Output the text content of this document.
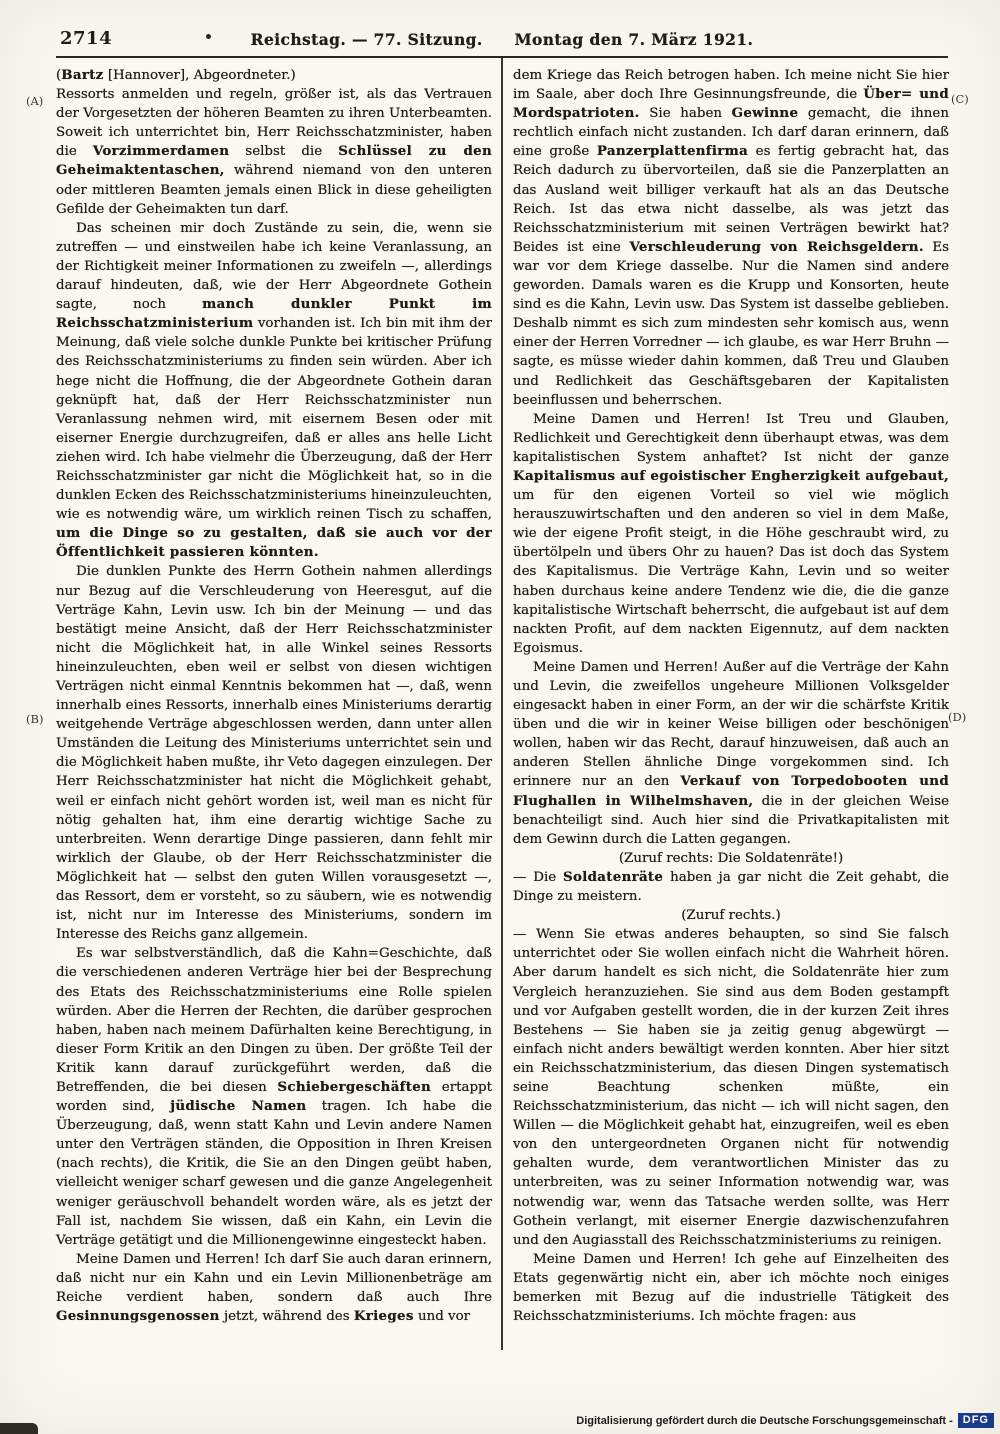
2714	Reichstag. — 77. Sitzung. Montag den 7. März 1921.
(A)
(B)
(C)
(D)

(Bartz [Hannover], Abgeordneter.)

Ressorts anmelden und regeln, größer ist, als das Vertrauen der Vorgesetzten der höheren Beamten zu ihren Unterbeamten. Soweit ich unterrichtet bin, Herr Reichsschatzminister, haben die Vorzimmerdamen selbst die Schlüssel zu den Geheimaktentaschen, während niemand von den unteren oder mittleren Beamten jemals einen Blick in diese geheiligten Gefilde der Geheimakten tun darf.

Das scheinen mir doch Zustände zu sein, die, wenn sie zutreffen — und einstweilen habe ich keine Veranlassung, an der Richtigkeit meiner Informationen zu zweifeln —, allerdings darauf hindeuten, daß, wie der Herr Abgeordnete Gothein sagte, noch manch dunkler Punkt im Reichsschatzministerium vorhanden ist. Ich bin mit ihm der Meinung, daß viele solche dunkle Punkte bei kritischer Prüfung des Reichsschatzministeriums zu finden sein würden. Aber ich hege nicht die Hoffnung, die der Abgeordnete Gothein daran geknüpft hat, daß der Herr Reichsschatzminister nun Veranlassung nehmen wird, mit eisernem Besen oder mit eiserner Energie durchzugreifen, daß er alles ans helle Licht ziehen wird. Ich habe vielmehr die Überzeugung, daß der Herr Reichsschatzminister gar nicht die Möglichkeit hat, so in die dunklen Ecken des Reichsschatzministeriums hineinzuleuchten, wie es notwendig wäre, um wirklich reinen Tisch zu schaffen, um die Dinge so zu gestalten, daß sie auch vor der Öffentlichkeit passieren könnten.

Die dunklen Punkte des Herrn Gothein nahmen allerdings nur Bezug auf die Verschleuderung von Heeresgut, auf die Verträge Kahn, Levin usw. Ich bin der Meinung — und das bestätigt meine Ansicht, daß der Herr Reichsschatzminister nicht die Möglichkeit hat, in alle Winkel seines Ressorts hineinzuleuchten, eben weil er selbst von diesen wichtigen Verträgen nicht einmal Kenntnis bekommen hat —, daß, wenn innerhalb eines Ressorts, innerhalb eines Ministeriums derartig weitgehende Verträge abgeschlossen werden, dann unter allen Umständen die Leitung des Ministeriums unterrichtet sein und die Möglichkeit haben mußte, ihr Veto dagegen einzulegen. Der Herr Reichsschatzminister hat nicht die Möglichkeit gehabt, weil er einfach nicht gehört worden ist, weil man es nicht für nötig gehalten hat, ihm eine derartig wichtige Sache zu unterbreiten. Wenn derartige Dinge passieren, dann fehlt mir wirklich der Glaube, ob der Herr Reichsschatzminister die Möglichkeit hat — selbst den guten Willen vorausgesetzt —, das Ressort, dem er vorsteht, so zu säubern, wie es notwendig ist, nicht nur im Interesse des Ministeriums, sondern im Interesse des Reichs ganz allgemein.

Es war selbstverständlich, daß die Kahn=Geschichte, daß die verschiedenen anderen Verträge hier bei der Besprechung des Etats des Reichsschatzministeriums eine Rolle spielen würden. Aber die Herren der Rechten, die darüber gesprochen haben, haben nach meinem Dafürhalten keine Berechtigung, in dieser Form Kritik an den Dingen zu üben. Der größte Teil der Kritik kann darauf zurückgeführt werden, daß die Betreffenden, die bei diesen Schiebergeschäften ertappt worden sind, jüdische Namen tragen. Ich habe die Überzeugung, daß, wenn statt Kahn und Levin andere Namen unter den Verträgen ständen, die Opposition in Ihren Kreisen (nach rechts), die Kritik, die Sie an den Dingen geübt haben, vielleicht weniger scharf gewesen und die ganze Angelegenheit weniger geräuschvoll behandelt worden wäre, als es jetzt der Fall ist, nachdem Sie wissen, daß ein Kahn, ein Levin die Verträge getätigt und die Millionengewinne eingesteckt haben.

Meine Damen und Herren! Ich darf Sie auch daran erinnern, daß nicht nur ein Kahn und ein Levin Millionenbeträge am Reiche verdient haben, sondern daß auch Ihre Gesinnungsgenossen jetzt, während des Krieges und vor

dem Kriege das Reich betrogen haben. Ich meine nicht Sie hier im Saale, aber doch Ihre Gesinnungsfreunde, die Über= und Mordspatrioten. Sie haben Gewinne gemacht, die ihnen rechtlich einfach nicht zustanden. Ich darf daran erinnern, daß eine große Panzerplattenfirma es fertig gebracht hat, das Reich dadurch zu übervorteilen, daß sie die Panzerplatten an das Ausland weit billiger verkauft hat als an das Deutsche Reich. Ist das etwa nicht dasselbe, als was jetzt das Reichsschatzministerium mit seinen Verträgen bewirkt hat? Beides ist eine Verschleuderung von Reichsgeldern. Es war vor dem Kriege dasselbe. Nur die Namen sind andere geworden. Damals waren es die Krupp und Konsorten, heute sind es die Kahn, Levin usw. Das System ist dasselbe geblieben. Deshalb nimmt es sich zum mindesten sehr komisch aus, wenn einer der Herren Vorredner — ich glaube, es war Herr Bruhn — sagte, es müsse wieder dahin kommen, daß Treu und Glauben und Redlichkeit das Geschäftsgebaren der Kapitalisten beeinflussen und beherrschen.

Meine Damen und Herren! Ist Treu und Glauben, Redlichkeit und Gerechtigkeit denn überhaupt etwas, was dem kapitalistischen System anhaftet? Ist nicht der ganze Kapitalismus auf egoistischer Engherzigkeit aufgebaut, um für den eigenen Vorteil so viel wie möglich herauszuwirtschaften und den anderen so viel in dem Maße, wie der eigene Profit steigt, in die Höhe geschraubt wird, zu übertölpeln und übers Ohr zu hauen? Das ist doch das System des Kapitalismus. Die Verträge Kahn, Levin und so weiter haben durchaus keine andere Tendenz wie die, die die ganze kapitalistische Wirtschaft beherrscht, die aufgebaut ist auf dem nackten Profit, auf dem nackten Eigennutz, auf dem nackten Egoismus.

Meine Damen und Herren! Außer auf die Verträge der Kahn und Levin, die zweifellos ungeheure Millionen Volksgelder eingesackt haben in einer Form, an der wir die schärfste Kritik üben und die wir in keiner Weise billigen oder beschönigen wollen, haben wir das Recht, darauf hinzuweisen, daß auch an anderen Stellen ähnliche Dinge vorgekommen sind. Ich erinnere nur an den Verkauf von Torpedobooten und Flughallen in Wilhelmshaven, die in der gleichen Weise benachteiligt sind. Auch hier sind die Privatkapitalisten mit dem Gewinn durch die Latten gegangen.

(Zuruf rechts: Die Soldatenräte!)

— Die Soldatenräte haben ja gar nicht die Zeit gehabt, die Dinge zu meistern.

(Zuruf rechts.)

— Wenn Sie etwas anderes behaupten, so sind Sie falsch unterrichtet oder Sie wollen einfach nicht die Wahrheit hören. Aber darum handelt es sich nicht, die Soldatenräte hier zum Vergleich heranzuziehen. Sie sind aus dem Boden gestampft und vor Aufgaben gestellt worden, die in der kurzen Zeit ihres Bestehens — Sie haben sie ja zeitig genug abgewürgt — einfach nicht anders bewältigt werden konnten. Aber hier sitzt ein Reichsschatzministerium, das diesen Dingen systematisch seine Beachtung schenken müßte, ein Reichsschatzministerium, das nicht — ich will nicht sagen, den Willen — die Möglichkeit gehabt hat, einzugreifen, weil es eben von den untergeordneten Organen nicht für notwendig gehalten wurde, dem verantwortlichen Minister das zu unterbreiten, was zu seiner Information notwendig war, was notwendig war, wenn das Tatsache werden sollte, was Herr Gothein verlangt, mit eiserner Energie dazwischenzufahren und den Augiasstall des Reichsschatzministeriums zu reinigen.

Meine Damen und Herren! Ich gehe auf Einzelheiten des Etats gegenwärtig nicht ein, aber ich möchte noch einiges bemerken mit Bezug auf die industrielle Tätigkeit des Reichsschatzministeriums. Ich möchte fragen: aus

Digitalisierung gefördert durch die Deutsche Forschungsgemeinschaft - DFG
